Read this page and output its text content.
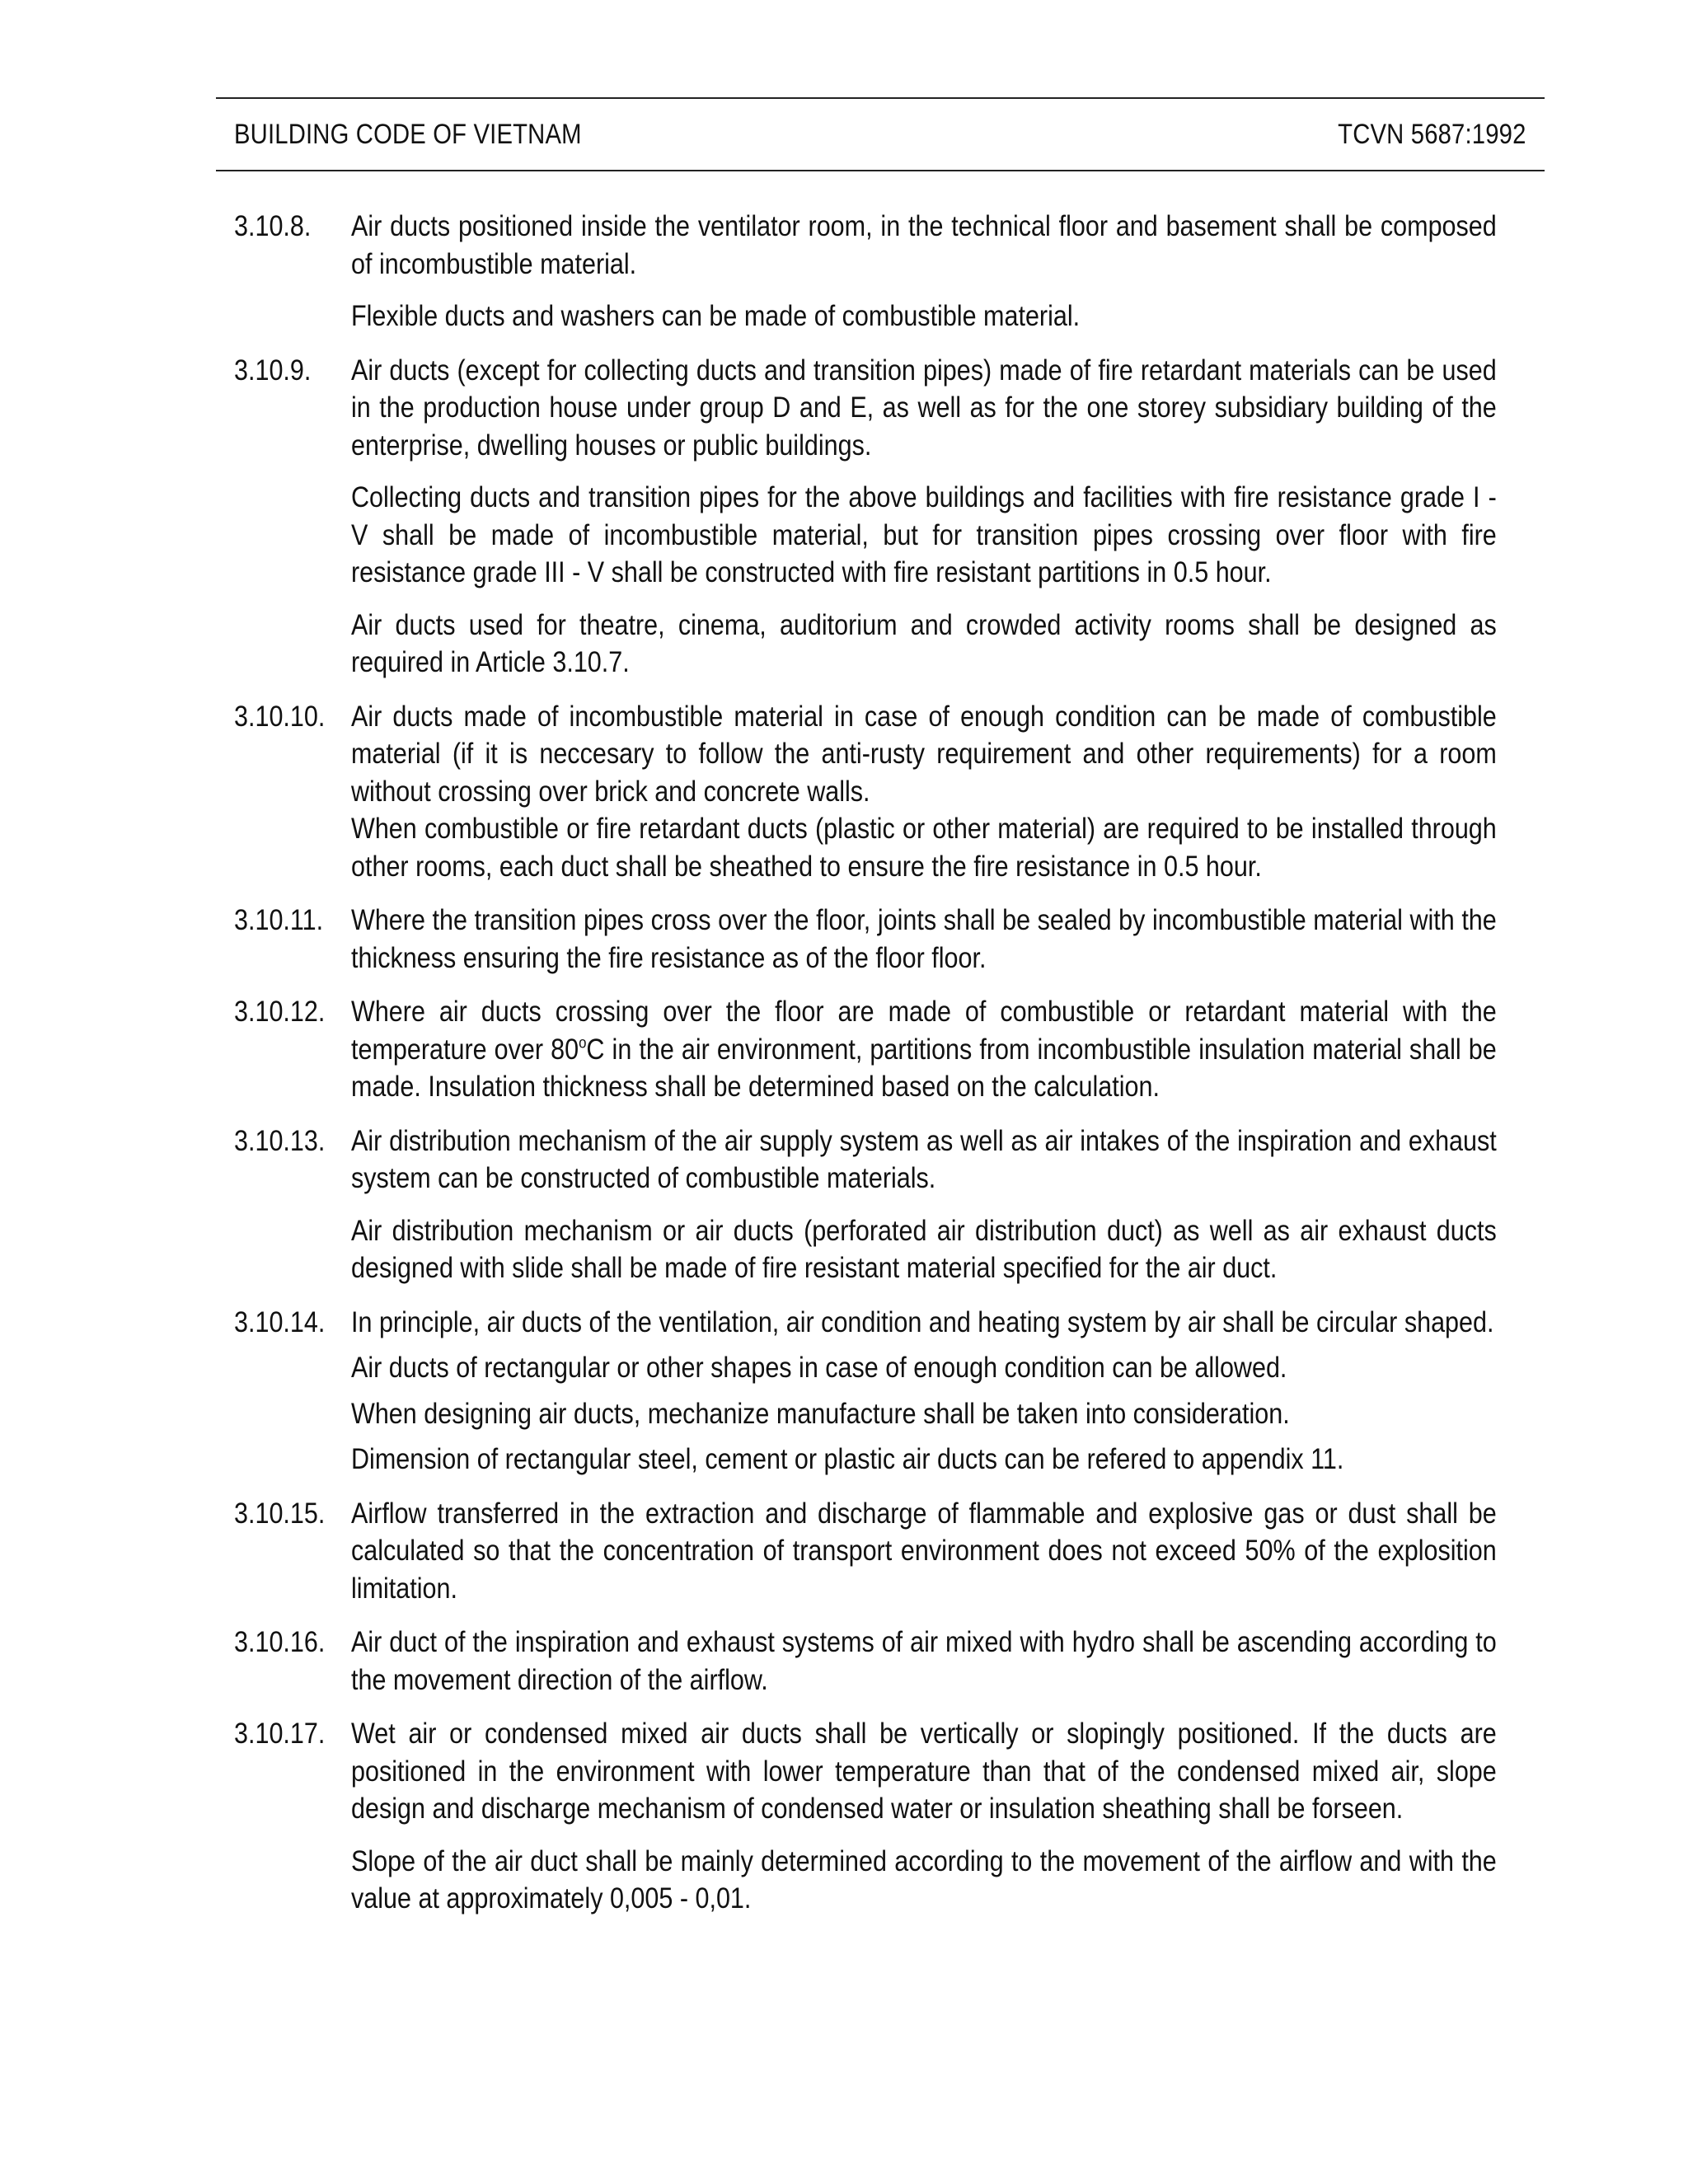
BUILDING CODE OF VIETNAM	TCVN 5687:1992
3.10.8. Air ducts positioned inside the ventilator room, in the technical floor and basement shall be composed of incombustible material.

Flexible ducts and washers can be made of combustible material.

3.10.9. Air ducts (except for collecting ducts and transition pipes) made of fire retardant materials can be used in the production house under group D and E, as well as for the one storey subsidiary building of the enterprise, dwelling houses or public buildings.

Collecting ducts and transition pipes for the above buildings and facilities with fire resistance grade I - V shall be made of incombustible material, but for transition pipes crossing over floor with fire resistance grade III - V shall be constructed with fire resistant partitions in 0.5 hour.

Air ducts used for theatre, cinema, auditorium and crowded activity rooms shall be designed as required in Article 3.10.7.

3.10.10. Air ducts made of incombustible material in case of enough condition can be made of combustible material (if it is neccesary to follow the anti-rusty requirement and other requirements) for a room without crossing over brick and concrete walls.

When combustible or fire retardant ducts (plastic or other material) are required to be installed through other rooms, each duct shall be sheathed to ensure the fire resistance in 0.5 hour.

3.10.11. Where the transition pipes cross over the floor, joints shall be sealed by incombustible material with the thickness ensuring the fire resistance as of the floor floor.

3.10.12. Where air ducts crossing over the floor are made of combustible or retardant material with the temperature over 80$^o$C in the air environment, partitions from incombustible insulation material shall be made. Insulation thickness shall be determined based on the calculation.

3.10.13. Air distribution mechanism of the air supply system as well as air intakes of the inspiration and exhaust system can be constructed of combustible materials.

Air distribution mechanism or air ducts (perforated air distribution duct) as well as air exhaust ducts designed with slide shall be made of fire resistant material specified for the air duct.

3.10.14. In principle, air ducts of the ventilation, air condition and heating system by air shall be circular shaped.

Air ducts of rectangular or other shapes in case of enough condition can be allowed.

When designing air ducts, mechanize manufacture shall be taken into consideration.

Dimension of rectangular steel, cement or plastic air ducts can be refered to appendix 11.

3.10.15. Airflow transferred in the extraction and discharge of flammable and explosive gas or dust shall be calculated so that the concentration of transport environment does not exceed 50% of the explosition limitation.

3.10.16. Air duct of the inspiration and exhaust systems of air mixed with hydro shall be ascending according to the movement direction of the airflow.

3.10.17. Wet air or condensed mixed air ducts shall be vertically or slopingly positioned. If the ducts are positioned in the environment with lower temperature than that of the condensed mixed air, slope design and discharge mechanism of condensed water or insulation sheathing shall be forseen.

Slope of the air duct shall be mainly determined according to the movement of the airflow and with the value at approximately 0,005 - 0,01.
